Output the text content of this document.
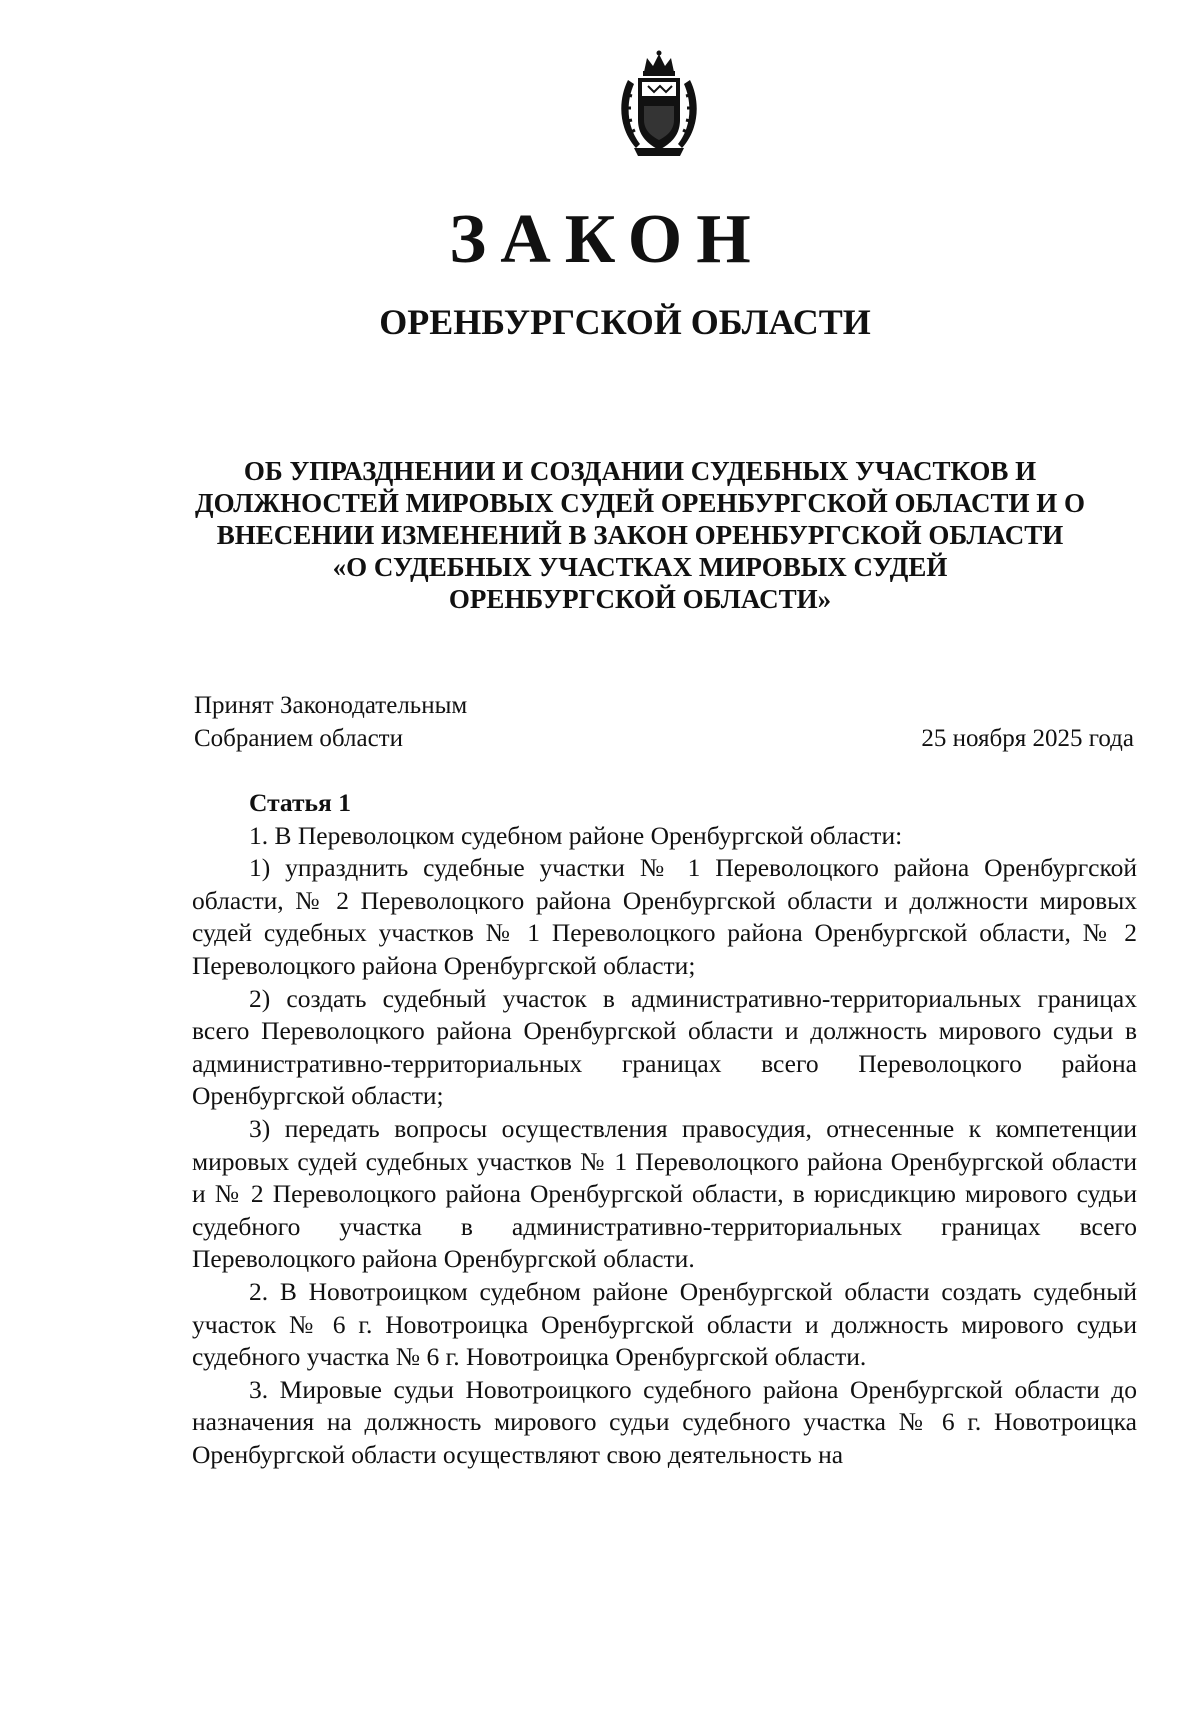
ЗАКОН
ОРЕНБУРГСКОЙ ОБЛАСТИ
ОБ УПРАЗДНЕНИИ И СОЗДАНИИ СУДЕБНЫХ УЧАСТКОВ И
ДОЛЖНОСТЕЙ МИРОВЫХ СУДЕЙ ОРЕНБУРГСКОЙ ОБЛАСТИ И О
ВНЕСЕНИИ ИЗМЕНЕНИЙ В ЗАКОН ОРЕНБУРГСКОЙ ОБЛАСТИ
«О СУДЕБНЫХ УЧАСТКАХ МИРОВЫХ СУДЕЙ
ОРЕНБУРГСКОЙ ОБЛАСТИ»
Принят Законодательным
Собранием области	25 ноября 2025 года
Статья 1

1. В Переволоцком судебном районе Оренбургской области:

1) упразднить судебные участки № 1 Переволоцкого района Оренбургской области, № 2 Переволоцкого района Оренбургской области и должности мировых судей судебных участков № 1 Переволоцкого района Оренбургской области, № 2 Переволоцкого района Оренбургской области;

2) создать судебный участок в административно-территориальных границах всего Переволоцкого района Оренбургской области и должность мирового судьи в административно-территориальных границах всего Переволоцкого района Оренбургской области;

3) передать вопросы осуществления правосудия, отнесенные к компетенции мировых судей судебных участков № 1 Переволоцкого района Оренбургской области и № 2 Переволоцкого района Оренбургской области, в юрисдикцию мирового судьи судебного участка в административно-территориальных границах всего Переволоцкого района Оренбургской области.

2. В Новотроицком судебном районе Оренбургской области создать судебный участок № 6 г. Новотроицка Оренбургской области и должность мирового судьи судебного участка № 6 г. Новотроицка Оренбургской области.

3. Мировые судьи Новотроицкого судебного района Оренбургской области до назначения на должность мирового судьи судебного участка № 6 г. Новотроицка Оренбургской области осуществляют свою деятельность на
